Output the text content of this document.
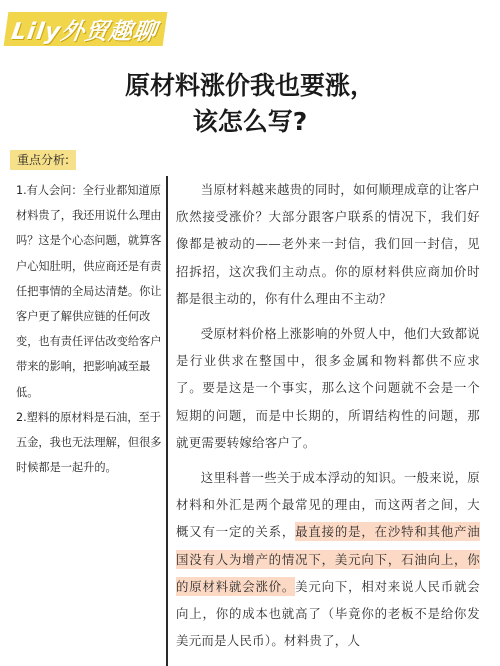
Lily外贸趣聊
原材料涨价我也要涨，
该怎么写?
重点分析:

1.有人会问：全行业都知道原材料贵了，我还用说什么理由吗？这是个心态问题，就算客户心知肚明，供应商还是有责任把事情的全局达清楚。你让客户更了解供应链的任何改变，也有责任评估改变给客户带来的影响，把影响减至最低。

2.塑料的原材料是石油，至于五金，我也无法理解，但很多时候都是一起升的。

当原材料越来越贵的同时，如何顺理成章的让客户欣然接受涨价？大部分跟客户联系的情况下，我们好像都是被动的——老外来一封信，我们回一封信，见招拆招，这次我们主动点。你的原材料供应商加价时都是很主动的，你有什么理由不主动？

受原材料价格上涨影响的外贸人中，他们大致都说是行业供求在整国中，很多金属和物料都供不应求了。要是这是一个事实，那么这个问题就不会是一个短期的问题，而是中长期的，所谓结构性的问题，那就更需要转嫁给客户了。

这里科普一些关于成本浮动的知识。一般来说，原材料和外汇是两个最常见的理由，而这两者之间，大概又有一定的关系，最直接的是，在沙特和其他产油国没有人为增产的情况下，美元向下，石油向上，你的原材料就会涨价。美元向下，相对来说人民币就会向上，你的成本也就高了（毕竟你的老板不是给你发美元而是人民币）。材料贵了，人
